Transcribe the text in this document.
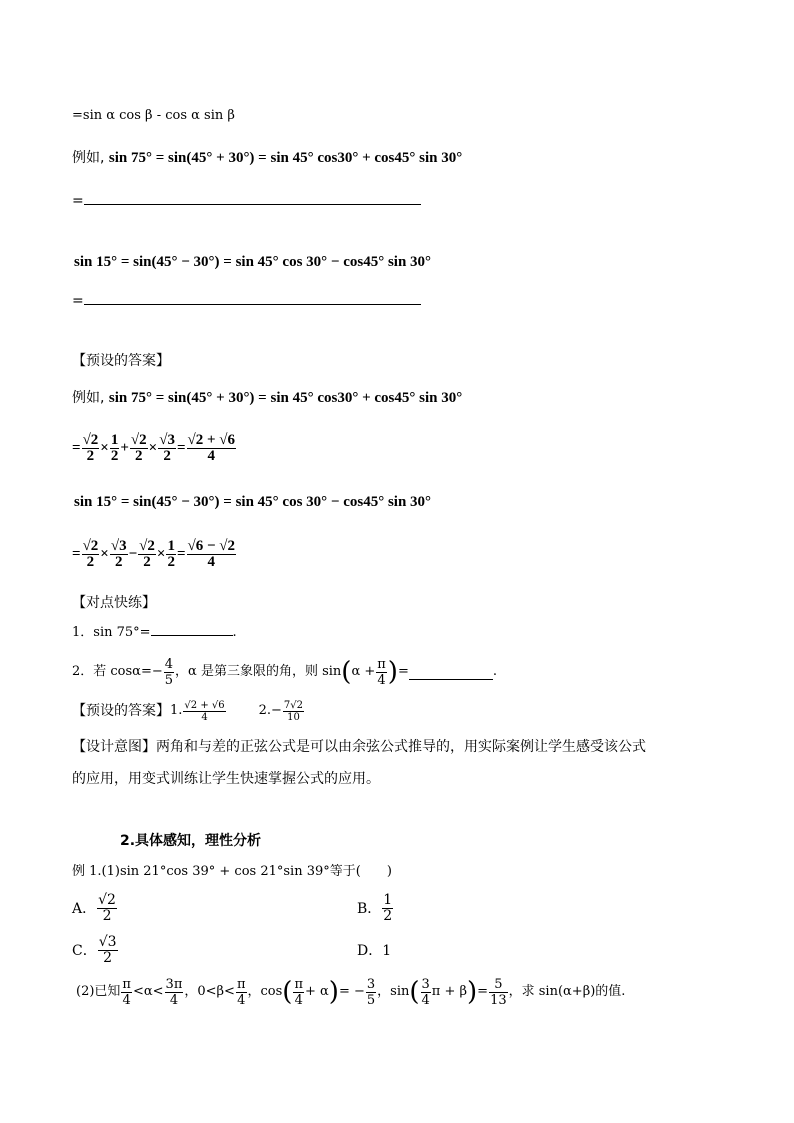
=sin α cos β - cos α sin β
例如, sin 75° = sin(45° + 30°) = sin 45° cos30° + cos45° sin 30°
=
sin 15° = sin(45° − 30°) = sin 45° cos 30° − cos45° sin 30°
=
【预设的答案】
例如, sin 75° = sin(45° + 30°) = sin 45° cos30° + cos45° sin 30°
= $\frac{√2}{2} \times \frac{1}{2} + \frac{√2}{2} \times \frac{√3}{2} = \frac{√2 + √6}{4}$
sin 15° = sin(45° − 30°) = sin 45° cos 30° − cos45° sin 30°
= $\frac{√2}{2} \times \frac{√3}{2} - \frac{√2}{2} \times \frac{1}{2} = \frac{√6 - √2}{4}$
【对点快练】
1．sin 75°=	.
2．若 $\cos\alpha=- \frac{4}{5}$ ，α 是第三象限的角，则 sin ( $\alpha + \frac{\pi}{4}$ ) =	.
【预设的答案】 1. $\frac{√2 + √6}{4}$	$2.- \frac{7√2}{10}$
【设计意图】两角和与差的正弦公式是可以由余弦公式推导的，用实际案例让学生感受该公式
的应用，用变式训练让学生快速掌握公式的应用。
2.具体感知，理性分析
例 1.(1)sin 21°cos 39° + cos 21°sin 39°等于(　　)
A． $\frac{√2}{2}$	B． $\frac{1}{2}$
C． $\frac{√3}{2}$	D．1
(2)已知 $\frac{\pi}{4} <\alpha< \frac{3\pi}{4}$ ，$0<\beta< \frac{\pi}{4}$ ，cos ( $\frac{\pi}{4} + \alpha$ ) = − $\frac{3}{5}$ ，sin ( $\frac{3}{4}$ π + β ) = $\frac{5}{13}$ ，求 sin(α+β)的值.
